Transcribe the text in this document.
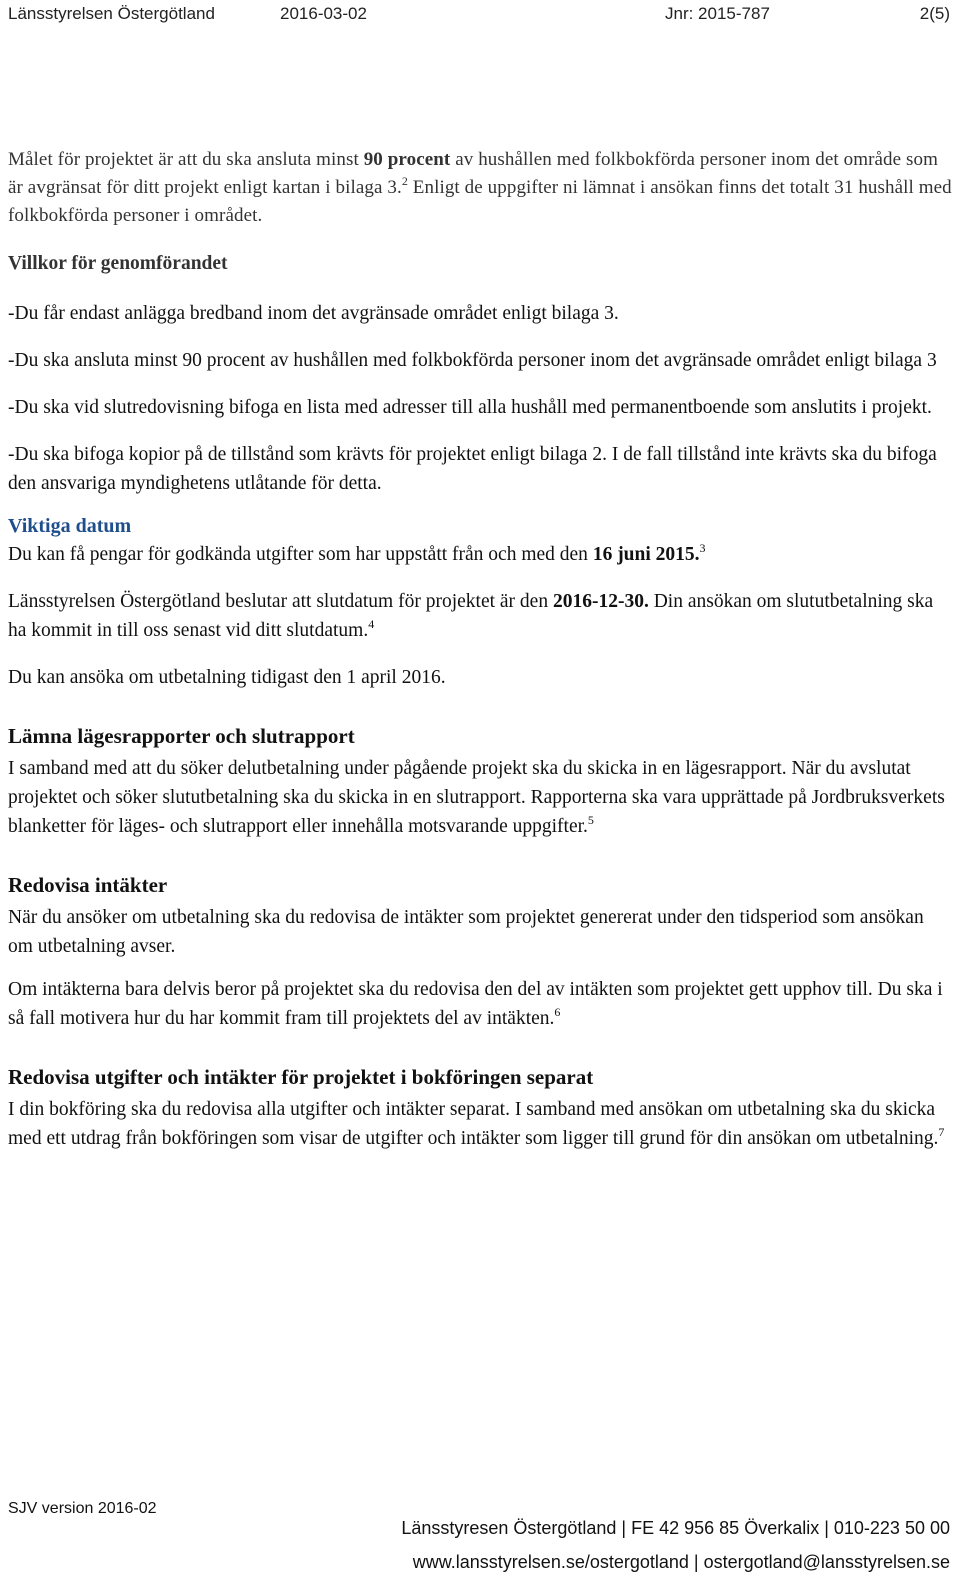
Länsstyrelsen Östergötland	2016-03-02	Jnr: 2015-787	2(5)

Målet för projektet är att du ska ansluta minst 90 procent av hushållen med folkbokförda personer inom det område som är avgränsat för ditt projekt enligt kartan i bilaga 3.$^2$ Enligt de uppgifter ni lämnat i ansökan finns det totalt 31 hushåll med folkbokförda personer i området.

Villkor för genomförandet

-Du får endast anlägga bredband inom det avgränsade området enligt bilaga 3.

-Du ska ansluta minst 90 procent av hushållen med folkbokförda personer inom det avgränsade området enligt bilaga 3

-Du ska vid slutredovisning bifoga en lista med adresser till alla hushåll med permanentboende som anslutits i projekt.

-Du ska bifoga kopior på de tillstånd som krävts för projektet enligt bilaga 2. I de fall tillstånd inte krävts ska du bifoga den ansvariga myndighetens utlåtande för detta.

Viktiga datum

Du kan få pengar för godkända utgifter som har uppstått från och med den 16 juni 2015.$^3$

Länsstyrelsen Östergötland beslutar att slutdatum för projektet är den 2016-12-30. Din ansökan om slututbetalning ska ha kommit in till oss senast vid ditt slutdatum.$^4$

Du kan ansöka om utbetalning tidigast den 1 april 2016.

Lämna lägesrapporter och slutrapport

I samband med att du söker delutbetalning under pågående projekt ska du skicka in en lägesrapport. När du avslutat projektet och söker slututbetalning ska du skicka in en slutrapport. Rapporterna ska vara upprättade på Jordbruksverkets blanketter för läges- och slutrapport eller innehålla motsvarande uppgifter.$^5$

Redovisa intäkter

När du ansöker om utbetalning ska du redovisa de intäkter som projektet genererat under den tidsperiod som ansökan om utbetalning avser.

Om intäkterna bara delvis beror på projektet ska du redovisa den del av intäkten som projektet gett upphov till. Du ska i så fall motivera hur du har kommit fram till projektets del av intäkten.$^6$

Redovisa utgifter och intäkter för projektet i bokföringen separat

I din bokföring ska du redovisa alla utgifter och intäkter separat. I samband med ansökan om utbetalning ska du skicka med ett utdrag från bokföringen som visar de utgifter och intäkter som ligger till grund för din ansökan om utbetalning.$^7$

SJV version 2016-02
Länsstyresen Östergötland | FE 42 956 85 Överkalix | 010-223 50 00
www.lansstyrelsen.se/ostergotland | ostergotland@lansstyrelsen.se
